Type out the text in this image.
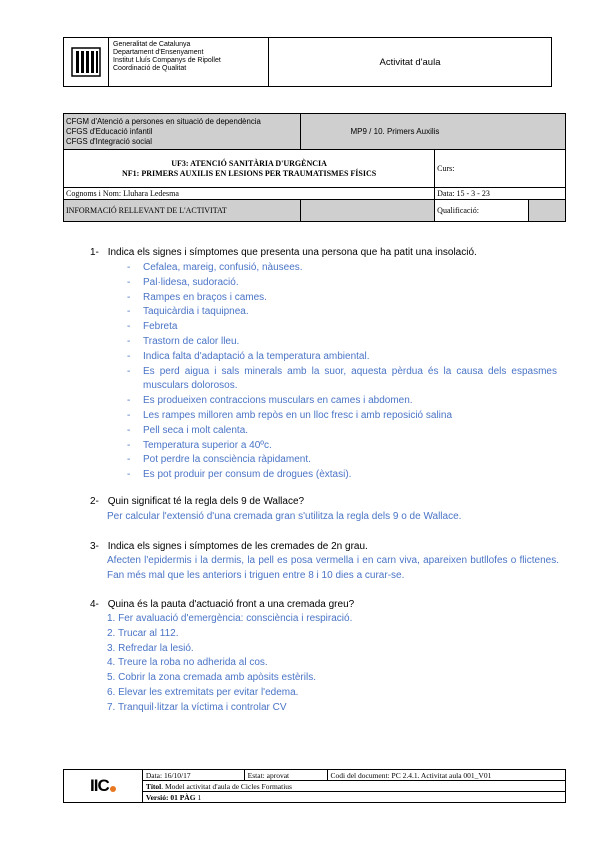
Generalitat de Catalunya
Departament d'Ensenyament
Institut Lluís Companys de Ripollet
Coordinació de Qualitat
Activitat d'aula
CFGM d'Atenció a persones en situació de dependència
CFGS d'Educació infantil
CFGS d'Integració social	MP9 / 10. Primers Auxilis		

UF3: ATENCIÓ SANITÀRIA D'URGÈNCIA
NF1: PRIMERS AUXILIS EN LESIONS PER TRAUMATISMES FÍSICS		Curs:	
Cognoms i Nom: Lluhara Ledesma		Data: 15 - 3 - 23	
INFORMACIÓ RELLEVANT DE L'ACTIVITAT		Qualificació:	
1- Indica els signes i símptomes que presenta una persona que ha patit una insolació.
- Cefalea, mareig, confusió, nàusees.
- Pal·lidesa, sudoració.
- Rampes en braços i cames.
- Taquicàrdia i taquipnea.
- Febreta
- Trastorn de calor lleu.
- Indica falta d'adaptació a la temperatura ambiental.
- Es perd aigua i sals minerals amb la suor, aquesta pèrdua és la causa dels espasmes musculars dolorosos.
- Es produeixen contraccions musculars en cames i abdomen.
- Les rampes milloren amb repòs en un lloc fresc i amb reposició salina
- Pell seca i molt calenta.
- Temperatura superior a 40ºc.
- Pot perdre la consciència ràpidament.
- Es pot produir per consum de drogues (èxtasi).
2- Quin significat té la regla dels 9 de Wallace?
Per calcular l'extensió d'una cremada gran s'utilitza la regla dels 9 o de Wallace.
3- Indica els signes i símptomes de les cremades de 2n grau.
Afecten l'epidermis i la dermis, la pell es posa vermella i en carn viva, apareixen butllofes o flictenes. Fan més mal que les anteriors i triguen entre 8 i 10 dies a curar-se.
4- Quina és la pauta d'actuació front a una cremada greu?
1. Fer avaluació d'emergència: consciència i respiració.
2. Trucar al 112.
3. Refredar la lesió.
4. Treure la roba no adherida al cos.
5. Cobrir la zona cremada amb apòsits estèrils.
6. Elevar les extremitats per evitar l'edema.
7. Tranquil·litzar la víctima i controlar CV
IIC	Data: 16/10/17	Estat: aprovat	Codi del document: PC 2.4.1. Activitat aula 001_V01
Títol. Model activitat d'aula de Cicles Formatius
Versió: 01 PÀG 1
